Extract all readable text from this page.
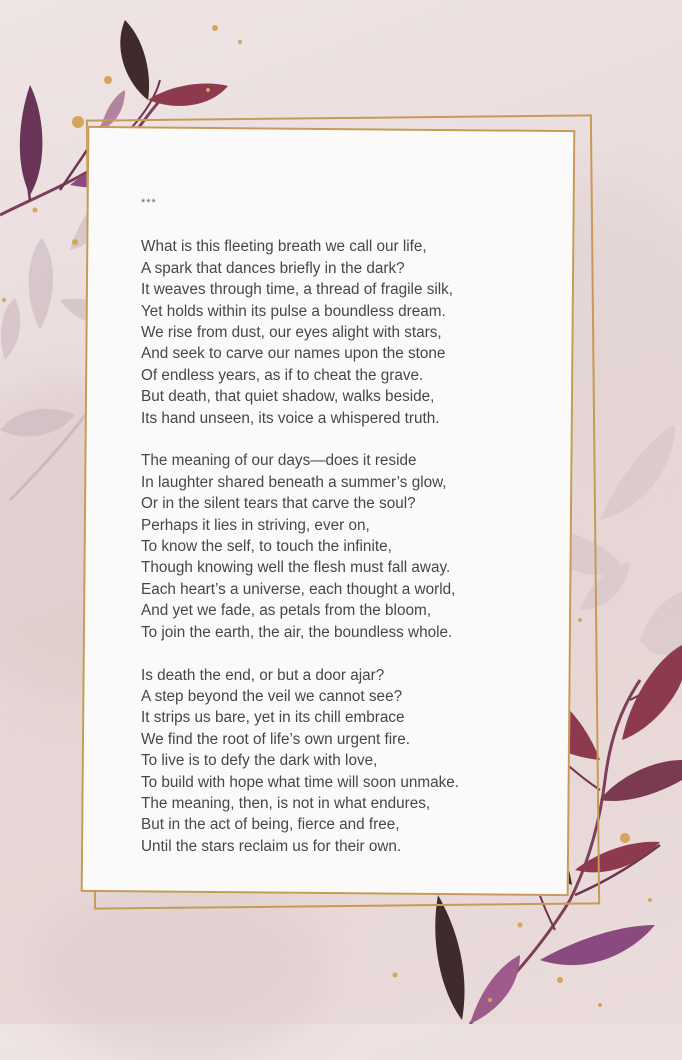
***
What is this fleeting breath we call our life,
A spark that dances briefly in the dark?
It weaves through time, a thread of fragile silk,
Yet holds within its pulse a boundless dream.
We rise from dust, our eyes alight with stars,
And seek to carve our names upon the stone
Of endless years, as if to cheat the grave.
But death, that quiet shadow, walks beside,
Its hand unseen, its voice a whispered truth.
The meaning of our days—does it reside
In laughter shared beneath a summer’s glow,
Or in the silent tears that carve the soul?
Perhaps it lies in striving, ever on,
To know the self, to touch the infinite,
Though knowing well the flesh must fall away.
Each heart’s a universe, each thought a world,
And yet we fade, as petals from the bloom,
To join the earth, the air, the boundless whole.
Is death the end, or but a door ajar?
A step beyond the veil we cannot see?
It strips us bare, yet in its chill embrace
We find the root of life’s own urgent fire.
To live is to defy the dark with love,
To build with hope what time will soon unmake.
The meaning, then, is not in what endures,
But in the act of being, fierce and free,
Until the stars reclaim us for their own.
